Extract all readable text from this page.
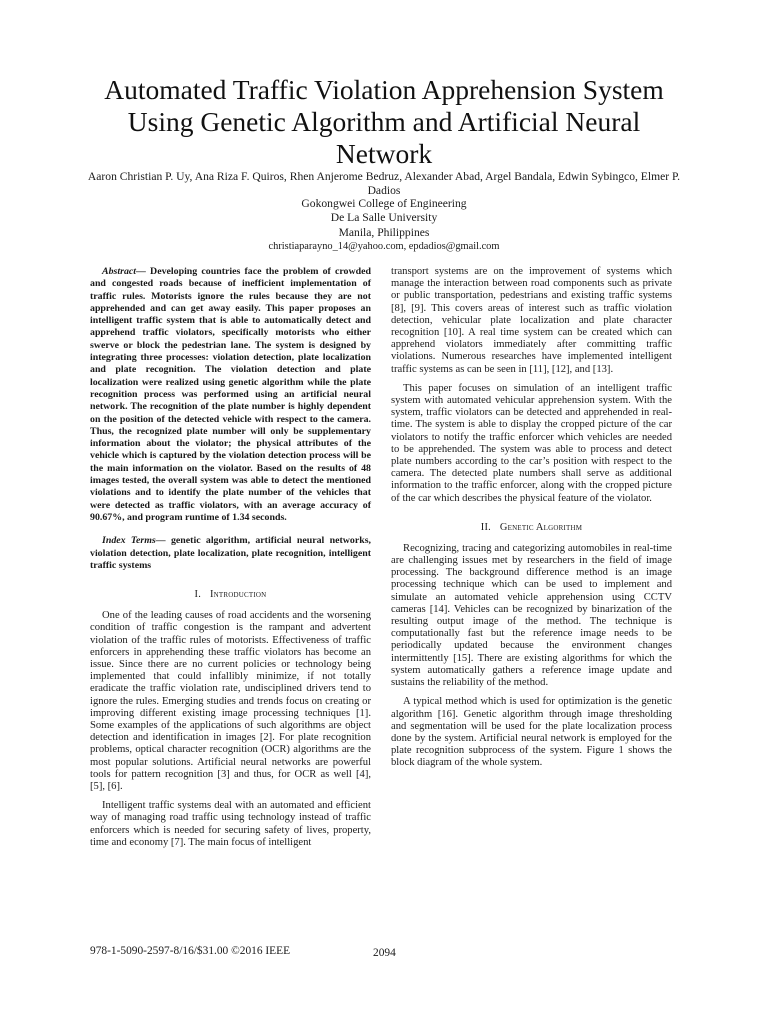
Automated Traffic Violation Apprehension System
Using Genetic Algorithm and Artificial Neural
Network
Aaron Christian P. Uy, Ana Riza F. Quiros, Rhen Anjerome Bedruz, Alexander Abad, Argel Bandala, Edwin Sybingco, Elmer P.
Dadios
Gokongwei College of Engineering
De La Salle University
Manila, Philippines
christiaparayno_14@yahoo.com, epdadios@gmail.com

Abstract— Developing countries face the problem of crowded and congested roads because of inefficient implementation of traffic rules. Motorists ignore the rules because they are not apprehended and can get away easily. This paper proposes an intelligent traffic system that is able to automatically detect and apprehend traffic violators, specifically motorists who either swerve or block the pedestrian lane. The system is designed by integrating three processes: violation detection, plate localization and plate recognition. The violation detection and plate localization were realized using genetic algorithm while the plate recognition process was performed using an artificial neural network. The recognition of the plate number is highly dependent on the position of the detected vehicle with respect to the camera. Thus, the recognized plate number will only be supplementary information about the violator; the physical attributes of the vehicle which is captured by the violation detection process will be the main information on the violator. Based on the results of 48 images tested, the overall system was able to detect the mentioned violations and to identify the plate number of the vehicles that were detected as traffic violators, with an average accuracy of 90.67%, and program runtime of 1.34 seconds.

Index Terms— genetic algorithm, artificial neural networks, violation detection, plate localization, plate recognition, intelligent traffic systems

I. Introduction

One of the leading causes of road accidents and the worsening condition of traffic congestion is the rampant and advertent violation of the traffic rules of motorists. Effectiveness of traffic enforcers in apprehending these traffic violators has become an issue. Since there are no current policies or technology being implemented that could infallibly minimize, if not totally eradicate the traffic violation rate, undisciplined drivers tend to ignore the rules. Emerging studies and trends focus on creating or improving different existing image processing techniques [1]. Some examples of the applications of such algorithms are object detection and identification in images [2]. For plate recognition problems, optical character recognition (OCR) algorithms are the most popular solutions. Artificial neural networks are powerful tools for pattern recognition [3] and thus, for OCR as well [4], [5], [6].

Intelligent traffic systems deal with an automated and efficient way of managing road traffic using technology instead of traffic enforcers which is needed for securing safety of lives, property, time and economy [7]. The main focus of intelligent

transport systems are on the improvement of systems which manage the interaction between road components such as private or public transportation, pedestrians and existing traffic systems [8], [9]. This covers areas of interest such as traffic violation detection, vehicular plate localization and plate character recognition [10]. A real time system can be created which can apprehend violators immediately after committing traffic violations. Numerous researches have implemented intelligent traffic systems as can be seen in [11], [12], and [13].

This paper focuses on simulation of an intelligent traffic system with automated vehicular apprehension system. With the system, traffic violators can be detected and apprehended in real-time. The system is able to display the cropped picture of the car violators to notify the traffic enforcer which vehicles are needed to be apprehended. The system was able to process and detect plate numbers according to the car’s position with respect to the camera. The detected plate numbers shall serve as additional information to the traffic enforcer, along with the cropped picture of the car which describes the physical feature of the violator.

II. Genetic Algorithm

Recognizing, tracing and categorizing automobiles in real-time are challenging issues met by researchers in the field of image processing. The background difference method is an image processing technique which can be used to implement and simulate an automated vehicle apprehension using CCTV cameras [14]. Vehicles can be recognized by binarization of the resulting output image of the method. The technique is computationally fast but the reference image needs to be periodically updated because the environment changes intermittently [15]. There are existing algorithms for which the system automatically gathers a reference image update and sustains the reliability of the method.

A typical method which is used for optimization is the genetic algorithm [16]. Genetic algorithm through image thresholding and segmentation will be used for the plate localization process done by the system. Artificial neural network is employed for the plate recognition subprocess of the system. Figure 1 shows the block diagram of the whole system.

978-1-5090-2597-8/16/$31.00 ©2016 IEEE	2094
